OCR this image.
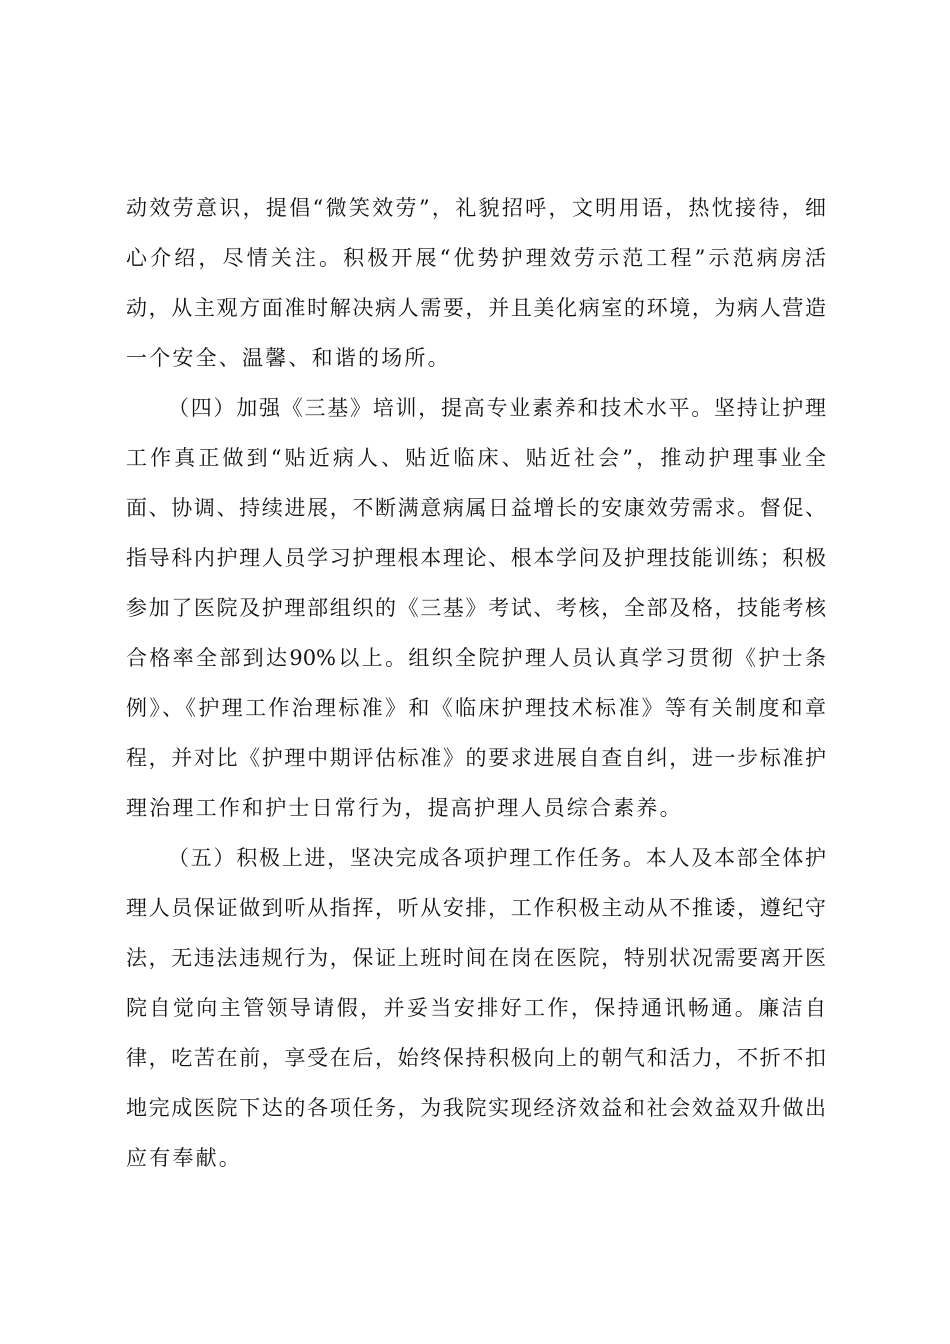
动效劳意识，提倡“微笑效劳”，礼貌招呼，文明用语，热忱接待，细
心介绍，尽情关注。积极开展“优势护理效劳示范工程”示范病房活
动，从主观方面准时解决病人需要，并且美化病室的环境，为病人营造
一个安全、温馨、和谐的场所。
（四）加强《三基》培训，提高专业素养和技术水平。坚持让护理
工作真正做到“贴近病人、贴近临床、贴近社会”，推动护理事业全
面、协调、持续进展，不断满意病属日益增长的安康效劳需求。督促、
指导科内护理人员学习护理根本理论、根本学问及护理技能训练；积极
参加了医院及护理部组织的《三基》考试、考核，全部及格，技能考核
合格率全部到达90%以上。组织全院护理人员认真学习贯彻《护士条
例》、《护理工作治理标准》和《临床护理技术标准》等有关制度和章
程，并对比《护理中期评估标准》的要求进展自查自纠，进一步标准护
理治理工作和护士日常行为，提高护理人员综合素养。
（五）积极上进，坚决完成各项护理工作任务。本人及本部全体护
理人员保证做到听从指挥，听从安排，工作积极主动从不推诿，遵纪守
法，无违法违规行为，保证上班时间在岗在医院，特别状况需要离开医
院自觉向主管领导请假，并妥当安排好工作，保持通讯畅通。廉洁自
律，吃苦在前，享受在后，始终保持积极向上的朝气和活力，不折不扣
地完成医院下达的各项任务，为我院实现经济效益和社会效益双升做出
应有奉献。
